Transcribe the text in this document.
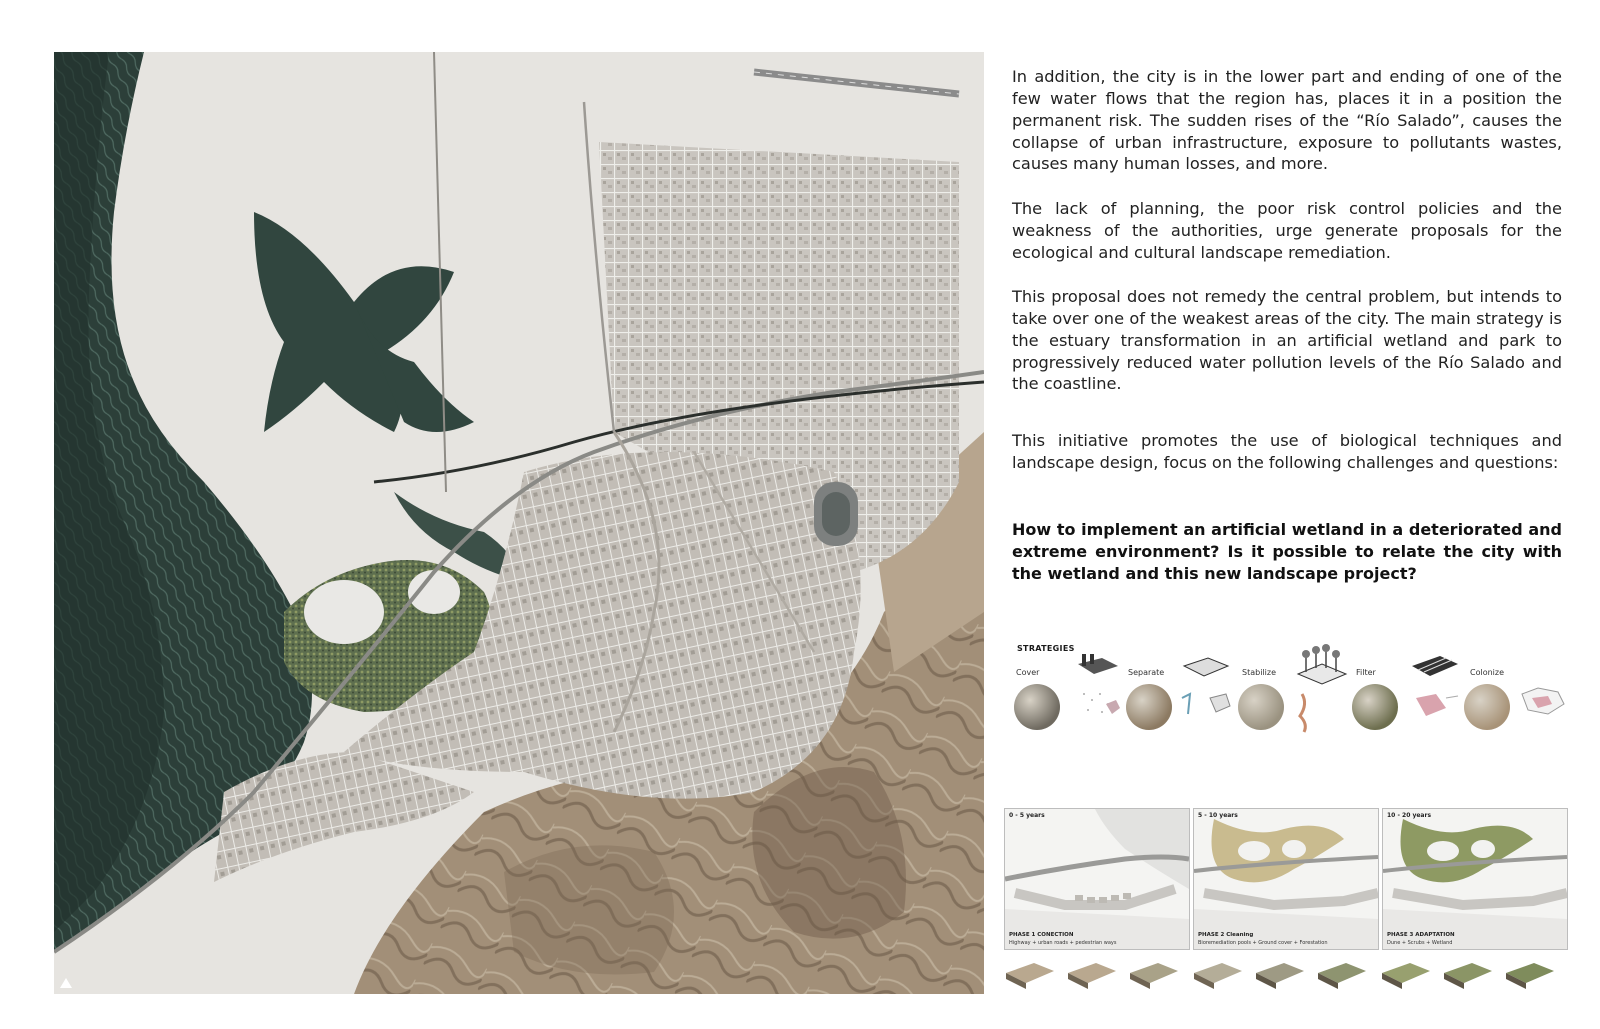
In addition, the city is in the lower part and ending of one of the few water flows that the region has, places it in a position the permanent risk. The sudden rises of the “Río Salado”, causes the collapse of urban infrastructure, exposure to pollutants wastes, causes many human losses, and more.

The lack of planning, the poor risk control policies and the weakness of the authorities, urge generate proposals for the ecological and cultural landscape remediation.

This proposal does not remedy the central problem, but intends to take over one of the weakest areas of the city. The main strategy is the estuary transformation in an artificial wetland and park to progressively reduced water pollution levels of the Río Salado and the coastline.

This initiative promotes the use of biological techniques and landscape design, focus on the following challenges and questions:

How to implement an artificial wetland in a deteriorated and extreme environment? Is it possible to relate the city with the wetland and this new landscape project?

STRATEGIES
Cover	Separate	Stabilize	Filter	Colonize
0 - 5 years
PHASE 1 CONECTION
Highway + urban roads + pedestrian ways
5 - 10 years
PHASE 2 Cleaning
Bioremediation pools + Ground cover + Forestation
10 - 20 years
PHASE 3 ADAPTATION
Dune + Scrubs + Wetland
